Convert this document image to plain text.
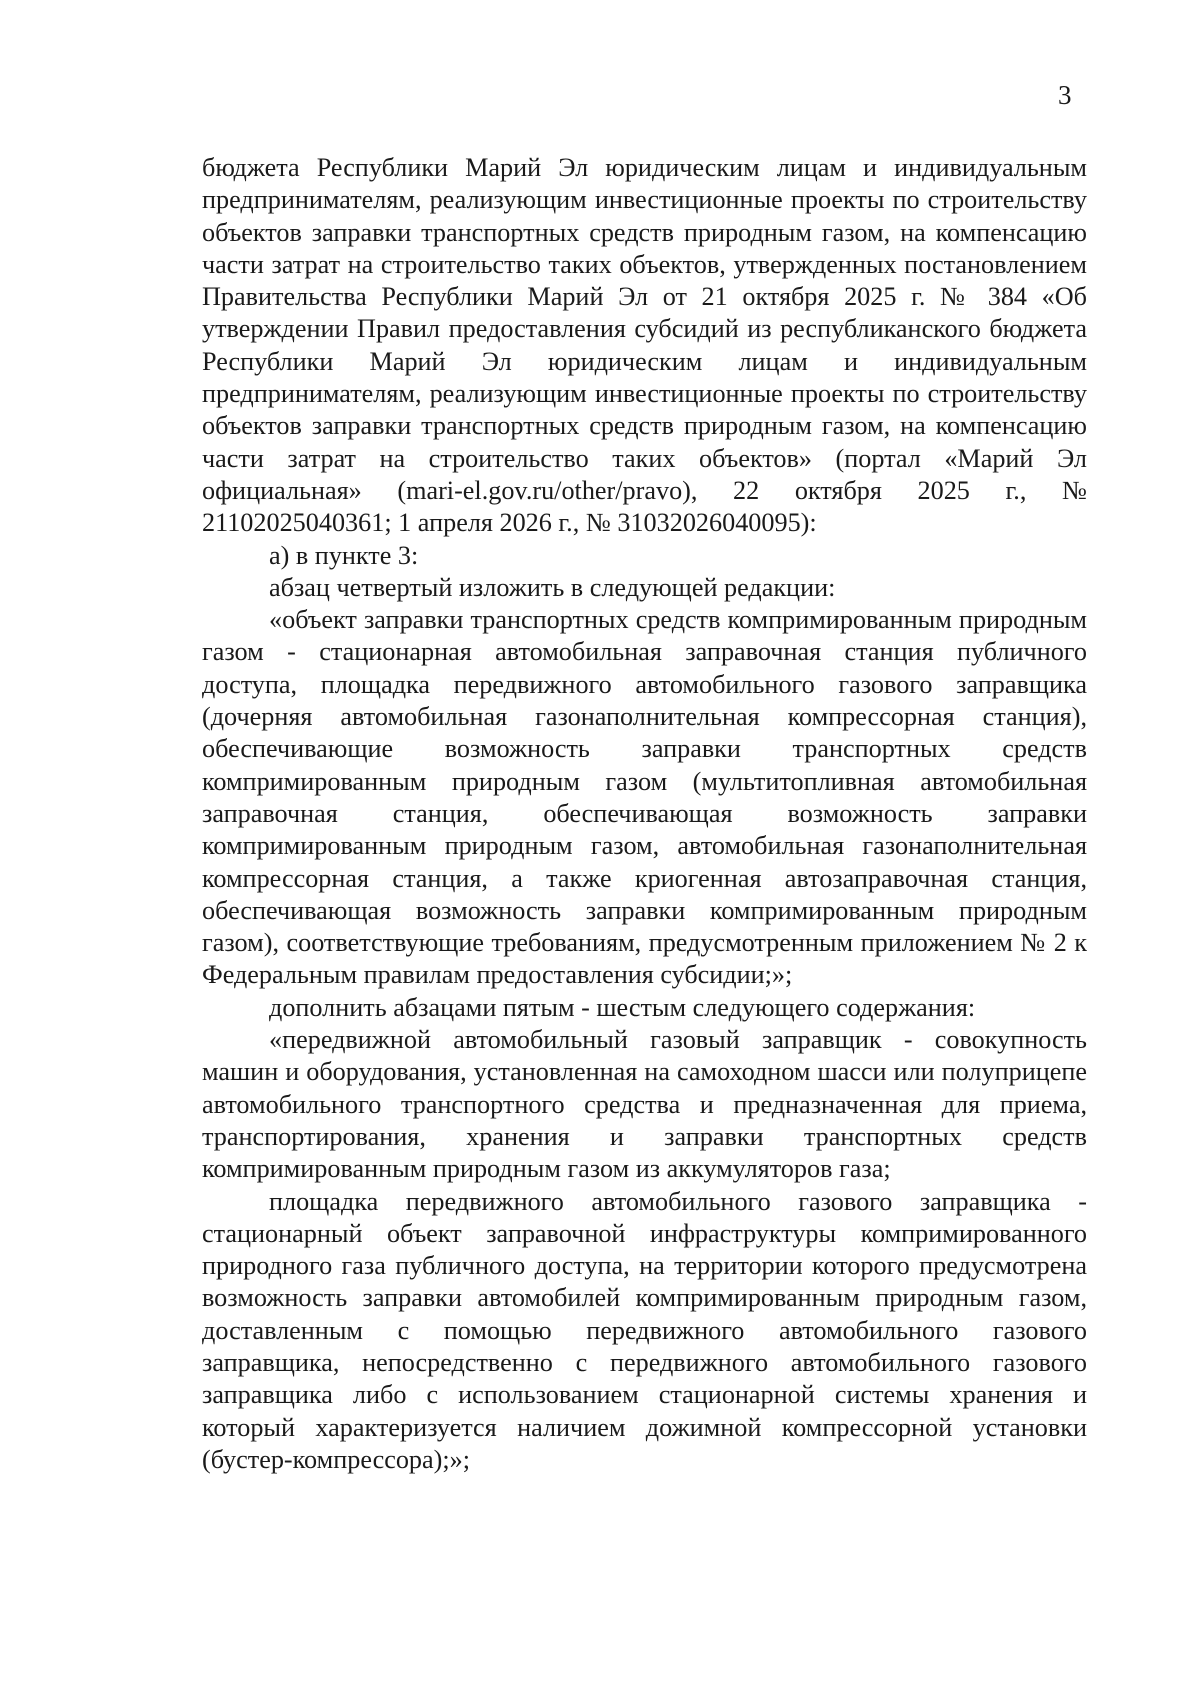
3

бюджета Республики Марий Эл юридическим лицам и индивидуальным предпринимателям, реализующим инвестиционные проекты по строительству объектов заправки транспортных средств природным газом, на компенсацию части затрат на строительство таких объектов, утвержденных постановлением Правительства Республики Марий Эл от 21 октября 2025 г. № 384 «Об утверждении Правил предоставления субсидий из республиканского бюджета Республики Марий Эл юридическим лицам и индивидуальным предпринимателям, реализующим инвестиционные проекты по строительству объектов заправки транспортных средств природным газом, на компенсацию части затрат на строительство таких объектов» (портал «Марий Эл официальная» (mari-el.gov.ru/other/pravo), 22 октября 2025 г., № 21102025040361; 1 апреля 2026 г., № 31032026040095):

а) в пункте 3:

абзац четвертый изложить в следующей редакции:

«объект заправки транспортных средств компримированным природным газом - стационарная автомобильная заправочная станция публичного доступа, площадка передвижного автомобильного газового заправщика (дочерняя автомобильная газонаполнительная компрессорная станция), обеспечивающие возможность заправки транспортных средств компримированным природным газом (мультитопливная автомобильная заправочная станция, обеспечивающая возможность заправки компримированным природным газом, автомобильная газонаполнительная компрессорная станция, а также криогенная автозаправочная станция, обеспечивающая возможность заправки компримированным природным газом), соответствующие требованиям, предусмотренным приложением № 2 к Федеральным правилам предоставления субсидии;»;

дополнить абзацами пятым - шестым следующего содержания:

«передвижной автомобильный газовый заправщик - совокупность машин и оборудования, установленная на самоходном шасси или полуприцепе автомобильного транспортного средства и предназначенная для приема, транспортирования, хранения и заправки транспортных средств компримированным природным газом из аккумуляторов газа;

площадка передвижного автомобильного газового заправщика - стационарный объект заправочной инфраструктуры компримированного природного газа публичного доступа, на территории которого предусмотрена возможность заправки автомобилей компримированным природным газом, доставленным с помощью передвижного автомобильного газового заправщика, непосредственно с передвижного автомобильного газового заправщика либо с использованием стационарной системы хранения и который характеризуется наличием дожимной компрессорной установки (бустер-компрессора);»;
